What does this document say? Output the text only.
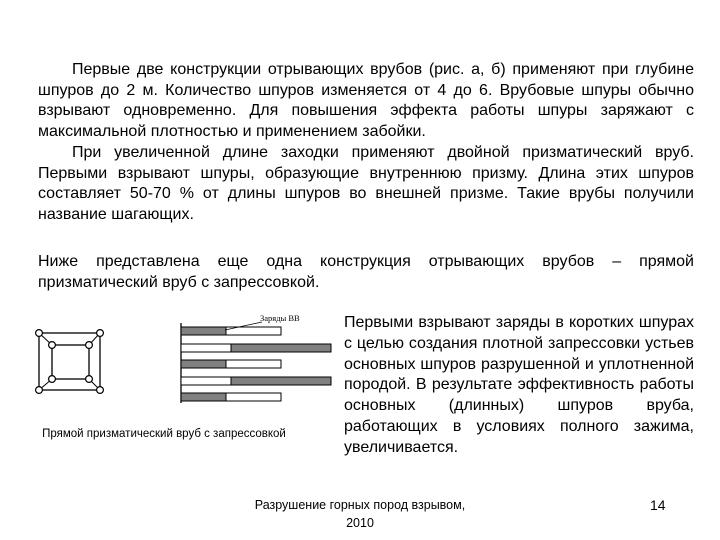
Первые две конструкции отрывающих врубов (рис. а, б) применяют при глубине шпуров до 2 м. Количество шпуров изменяется от 4 до 6. Врубовые шпуры обычно взрывают одновременно. Для повышения эффекта работы шпуры заряжают с максимальной плотностью и применением забойки.

При увеличенной длине заходки применяют двойной призматический вруб. Первыми взрывают шпуры, образующие внутреннюю призму. Длина этих шпуров составляет 50-70 % от длины шпуров во внешней призме. Такие врубы получили название шагающих.

Ниже представлена еще одна конструкция отрывающих врубов – прямой призматический вруб с запрессовкой.

Заряды ВВ
Прямой призматический вруб с запрессовкой

Первыми взрывают заряды в коротких шпурах с целью создания плотной запрессовки устьев основных шпуров разрушенной и уплотненной породой. В результате эффективность работы основных (длинных) шпуров вруба, работающих в условиях полного зажима, увеличивается.

Разрушение горных пород взрывом, 2010
14
